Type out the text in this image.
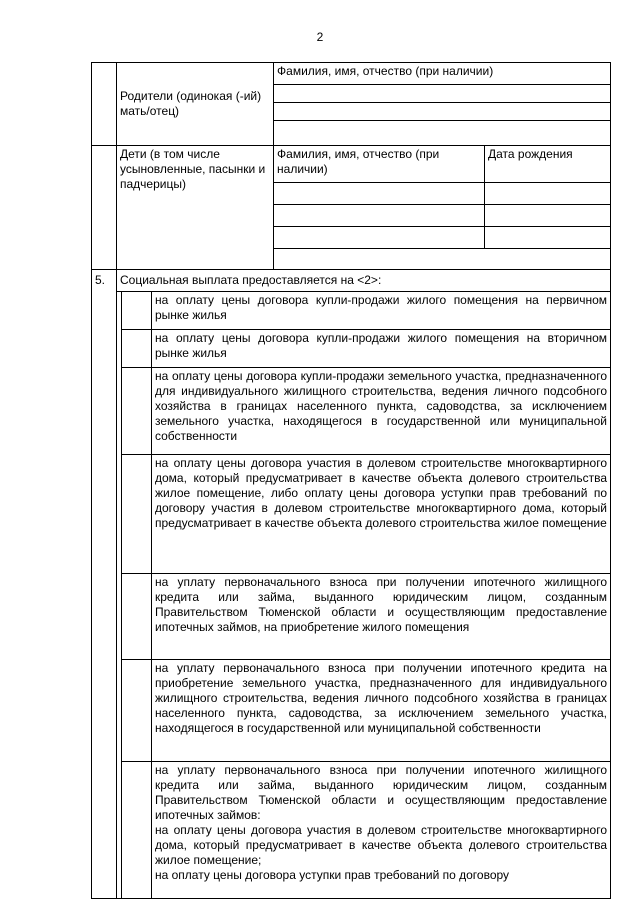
2
	Родители (одинокая (-ий) мать/отец)			Фамилия, имя, отчество (при наличии)	

	Дети (в том числе усыновленные, пасынки и падчерицы)			Фамилия, имя, отчество (при наличии)	Дата рождения

5.	Социальная выплата предоставляется на <2>:				
			на оплату цены договора купли-продажи жилого помещения на первичном рынке жилья		
			на оплату цены договора купли-продажи жилого помещения на вторичном рынке жилья		
			на оплату цены договора купли-продажи земельного участка, предназначенного для индивидуального жилищного строительства, ведения личного подсобного хозяйства в границах населенного пункта, садоводства, за исключением земельного участка, находящегося в государственной или муниципальной собственности		
			на оплату цены договора участия в долевом строительстве многоквартирного дома, который предусматривает в качестве объекта долевого строительства жилое помещение, либо оплату цены договора уступки прав требований по договору участия в долевом строительстве многоквартирного дома, который предусматривает в качестве объекта долевого строительства жилое помещение		
			на уплату первоначального взноса при получении ипотечного жилищного кредита или займа, выданного юридическим лицом, созданным Правительством Тюменской области и осуществляющим предоставление ипотечных займов, на приобретение жилого помещения		
			на уплату первоначального взноса при получении ипотечного кредита на приобретение земельного участка, предназначенного для индивидуального жилищного строительства, ведения личного подсобного хозяйства в границах населенного пункта, садоводства, за исключением земельного участка, находящегося в государственной или муниципальной собственности		

			на уплату первоначального взноса при получении ипотечного жилищного кредита или займа, выданного юридическим лицом, созданным Правительством Тюменской области и осуществляющим предоставление ипотечных займов:
на оплату цены договора участия в долевом строительстве многоквартирного дома, который предусматривает в качестве объекта долевого строительства жилое помещение;
на оплату цены договора уступки прав требований по договору		
